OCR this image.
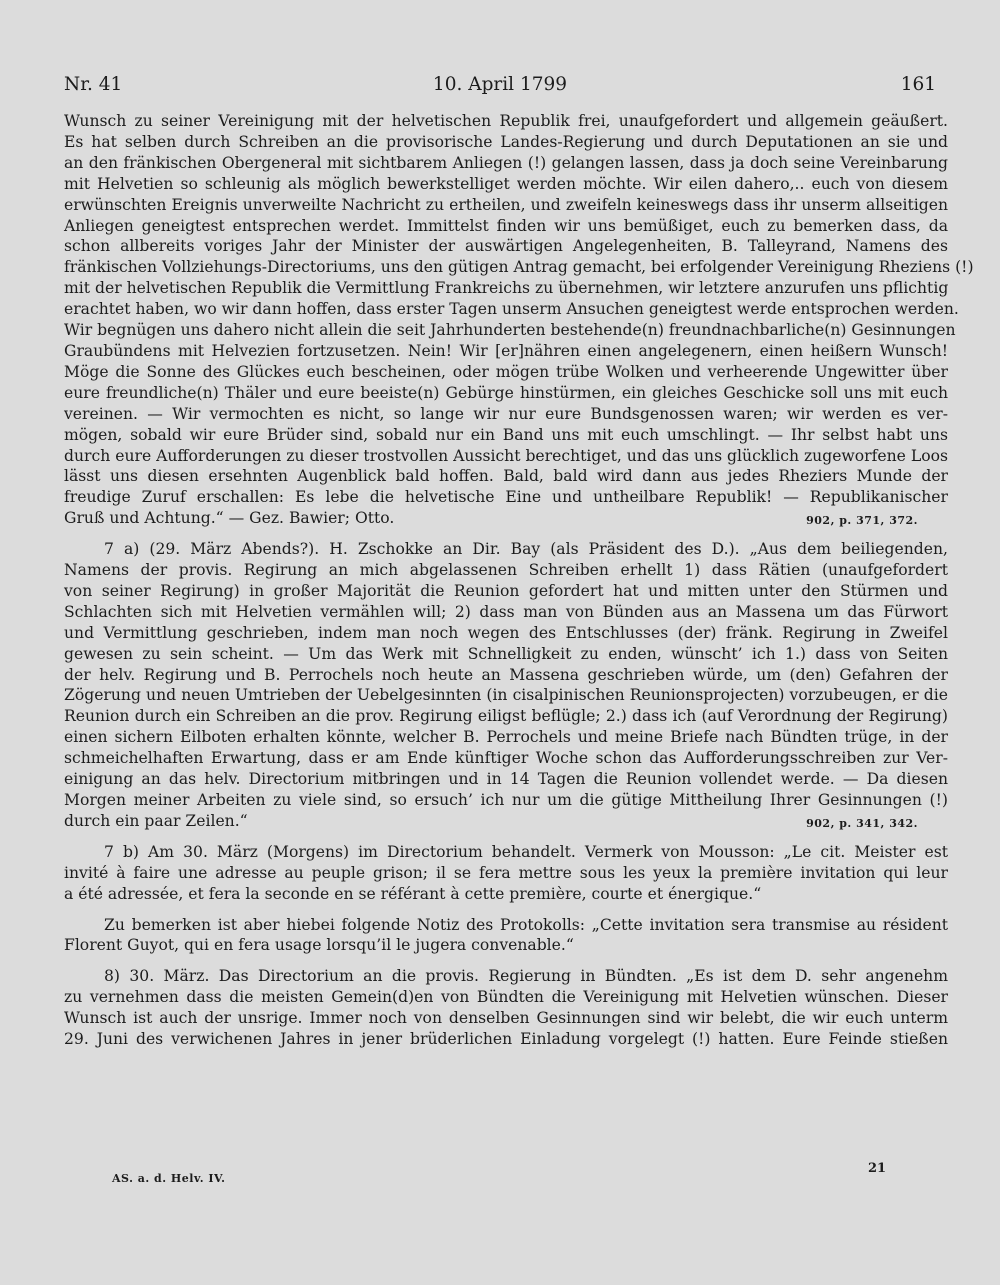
Nr. 41	10. April 1799	161
Wunsch zu seiner Vereinigung mit der helvetischen Republik frei, unaufgefordert und allgemein geäußert.
Es hat selben durch Schreiben an die provisorische Landes-Regierung und durch Deputationen an sie und
an den fränkischen Obergeneral mit sichtbarem Anliegen (!) gelangen lassen, dass ja doch seine Vereinbarung
mit Helvetien so schleunig als möglich bewerkstelliget werden möchte. Wir eilen dahero,.. euch von diesem
erwünschten Ereignis unverweilte Nachricht zu ertheilen, und zweifeln keineswegs dass ihr unserm allseitigen
Anliegen geneigtest entsprechen werdet. Immittelst finden wir uns bemüßiget, euch zu bemerken dass, da
schon allbereits voriges Jahr der Minister der auswärtigen Angelegenheiten, B. Talleyrand, Namens des
fränkischen Vollziehungs-Directoriums, uns den gütigen Antrag gemacht, bei erfolgender Vereinigung Rheziens (!)
mit der helvetischen Republik die Vermittlung Frankreichs zu übernehmen, wir letztere anzurufen uns pflichtig
erachtet haben, wo wir dann hoffen, dass erster Tagen unserm Ansuchen geneigtest werde entsprochen werden.
Wir begnügen uns dahero nicht allein die seit Jahrhunderten bestehende(n) freundnachbarliche(n) Gesinnungen
Graubündens mit Helvezien fortzusetzen. Nein! Wir [er]nähren einen angelegenern, einen heißern Wunsch!
Möge die Sonne des Glückes euch bescheinen, oder mögen trübe Wolken und verheerende Ungewitter über
eure freundliche(n) Thäler und eure beeiste(n) Gebürge hinstürmen, ein gleiches Geschicke soll uns mit euch
vereinen. — Wir vermochten es nicht, so lange wir nur eure Bundsgenossen waren; wir werden es ver-
mögen, sobald wir eure Brüder sind, sobald nur ein Band uns mit euch umschlingt. — Ihr selbst habt uns
durch eure Aufforderungen zu dieser trostvollen Aussicht berechtiget, und das uns glücklich zugeworfene Loos
lässt uns diesen ersehnten Augenblick bald hoffen. Bald, bald wird dann aus jedes Rheziers Munde der
freudige Zuruf erschallen: Es lebe die helvetische Eine und untheilbare Republik! — Republikanischer
Gruß und Achtung.“ — Gez. Bawier; Otto.	902, p. 371, 372.
7 a) (29. März Abends?). H. Zschokke an Dir. Bay (als Präsident des D.). „Aus dem beiliegenden,
Namens der provis. Regirung an mich abgelassenen Schreiben erhellt 1) dass Rätien (unaufgefordert
von seiner Regirung) in großer Majorität die Reunion gefordert hat und mitten unter den Stürmen und
Schlachten sich mit Helvetien vermählen will; 2) dass man von Bünden aus an Massena um das Fürwort
und Vermittlung geschrieben, indem man noch wegen des Entschlusses (der) fränk. Regirung in Zweifel
gewesen zu sein scheint. — Um das Werk mit Schnelligkeit zu enden, wünscht’ ich 1.) dass von Seiten
der helv. Regirung und B. Perrochels noch heute an Massena geschrieben würde, um (den) Gefahren der
Zögerung und neuen Umtrieben der Uebelgesinnten (in cisalpinischen Reunionsprojecten) vorzubeugen, er die
Reunion durch ein Schreiben an die prov. Regirung eiligst beflügle; 2.) dass ich (auf Verordnung der Regirung)
einen sichern Eilboten erhalten könnte, welcher B. Perrochels und meine Briefe nach Bündten trüge, in der
schmeichelhaften Erwartung, dass er am Ende künftiger Woche schon das Aufforderungsschreiben zur Ver-
einigung an das helv. Directorium mitbringen und in 14 Tagen die Reunion vollendet werde. — Da diesen
Morgen meiner Arbeiten zu viele sind, so ersuch’ ich nur um die gütige Mittheilung Ihrer Gesinnungen (!)
durch ein paar Zeilen.“	902, p. 341, 342.
7 b) Am 30. März (Morgens) im Directorium behandelt. Vermerk von Mousson: „Le cit. Meister est
invité à faire une adresse au peuple grison; il se fera mettre sous les yeux la première invitation qui leur
a été adressée, et fera la seconde en se référant à cette première, courte et énergique.“
Zu bemerken ist aber hiebei folgende Notiz des Protokolls: „Cette invitation sera transmise au résident
Florent Guyot, qui en fera usage lorsqu’il le jugera convenable.“
8) 30. März. Das Directorium an die provis. Regierung in Bündten. „Es ist dem D. sehr angenehm
zu vernehmen dass die meisten Gemein(d)en von Bündten die Vereinigung mit Helvetien wünschen. Dieser
Wunsch ist auch der unsrige. Immer noch von denselben Gesinnungen sind wir belebt, die wir euch unterm
29. Juni des verwichenen Jahres in jener brüderlichen Einladung vorgelegt (!) hatten. Eure Feinde stießen
21
AS. a. d. Helv. IV.
